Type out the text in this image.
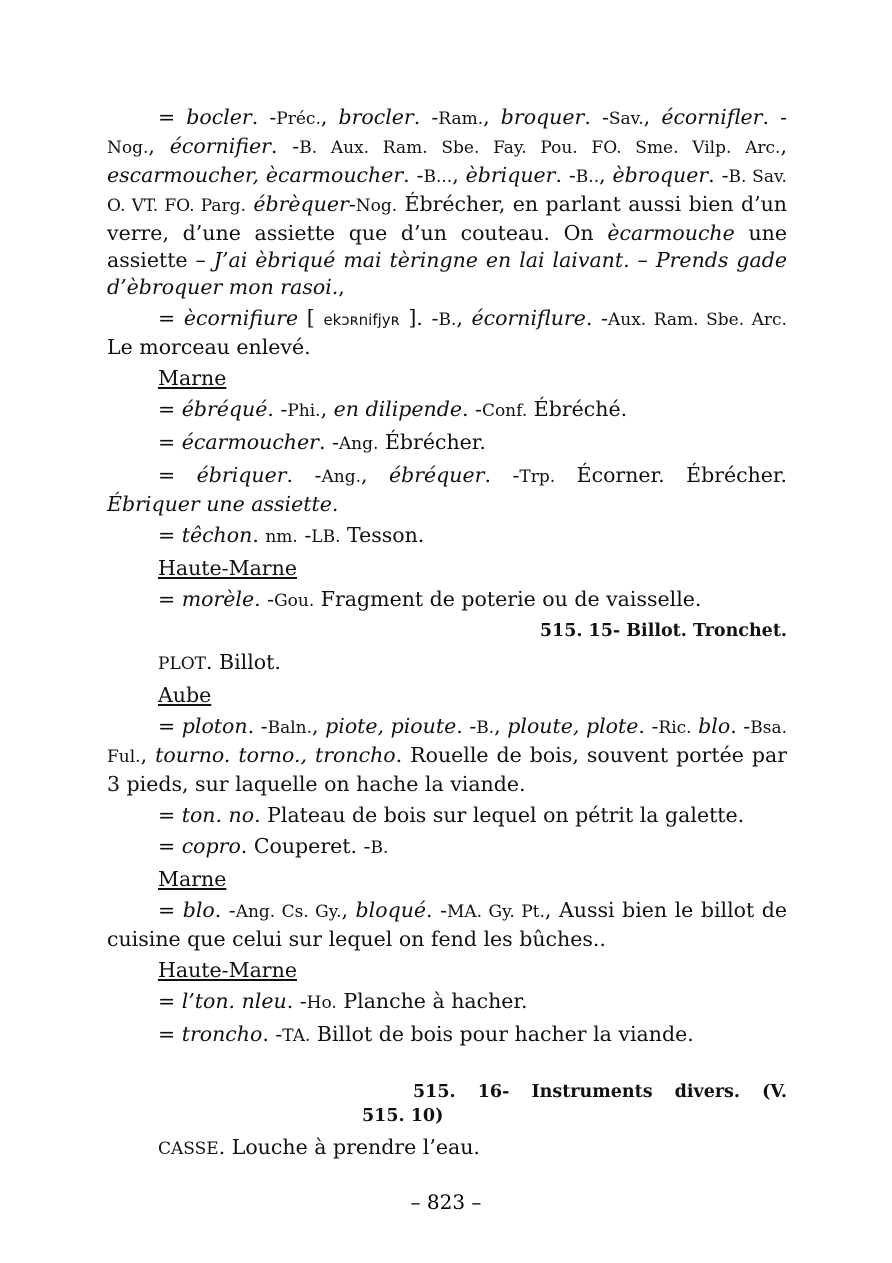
= bocler. -Préc., brocler. -Ram., broquer. -Sav., écornifler. -Nog., écornifier. -B. Aux. Ram. Sbe. Fay. Pou. FO. Sme. Vilp. Arc., escarmoucher, ècarmoucher. -B..., èbriquer. -B.., èbroquer. -B. Sav. O. VT. FO. Parg. ébrèquer-Nog. Ébrécher, en parlant aussi bien d’un verre, d’une assiette que d’un couteau. On ècarmouche une assiette – J’ai èbriqué mai tèringne en lai laivant. – Prends gade d’èbroquer mon rasoi.,

= ècornifiure [ ekɔʀnifjyʀ ]. -B., écorniflure. -Aux. Ram. Sbe. Arc. Le morceau enlevé.

Marne

= ébréqué. -Phi., en dilipende. -Conf. Ébréché.

= écarmoucher. -Ang. Ébrécher.

= ébriquer. -Ang., ébréquer. -Trp. Écorner. Ébrécher. Ébriquer une assiette.

= têchon. nm. -LB. Tesson.

Haute-Marne

= morèle. -Gou. Fragment de poterie ou de vaisselle.

515. 15- Billot. Tronchet.

PLOT. Billot.

Aube

= ploton. -Baln., piote, pioute. -B., ploute, plote. -Ric. blo. -Bsa. Ful., tourno. torno., troncho. Rouelle de bois, souvent portée par 3 pieds, sur laquelle on hache la viande.

= ton. no. Plateau de bois sur lequel on pétrit la galette.

= copro. Couperet. -B.

Marne

= blo. -Ang. Cs. Gy., bloqué. -MA. Gy. Pt., Aussi bien le billot de cuisine que celui sur lequel on fend les bûches..

Haute-Marne

= l’ton. nleu. -Ho. Planche à hacher.

= troncho. -TA. Billot de bois pour hacher la viande.

515. 16- Instruments divers. (V.
515. 10)

CASSE. Louche à prendre l’eau.

– 823 –
